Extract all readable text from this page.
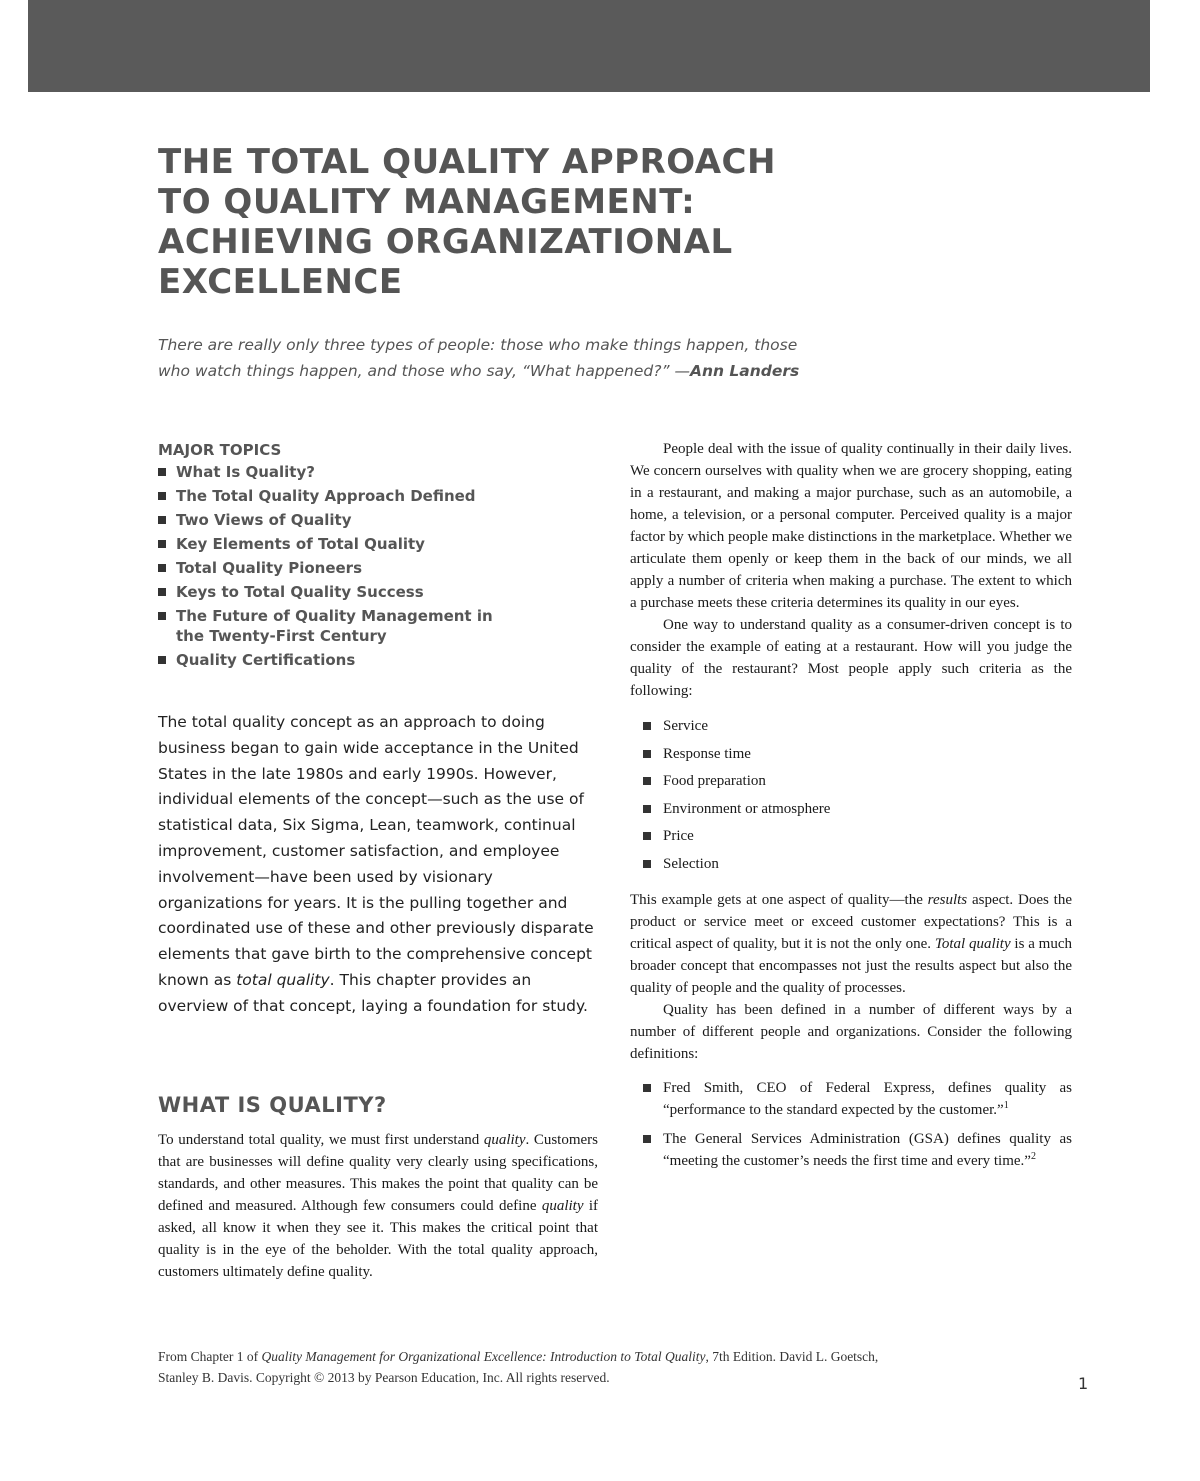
THE TOTAL QUALITY APPROACH
TO QUALITY MANAGEMENT:
ACHIEVING ORGANIZATIONAL
EXCELLENCE

There are really only three types of people: those who make things happen, those
who watch things happen, and those who say, “What happened?” —Ann Landers

MAJOR TOPICS
What Is Quality?
The Total Quality Approach Defined
Two Views of Quality
Key Elements of Total Quality
Total Quality Pioneers
Keys to Total Quality Success
The Future of Quality Management in the Twenty-First Century
Quality Certifications

The total quality concept as an approach to doing business began to gain wide acceptance in the United States in the late 1980s and early 1990s. However, individual elements of the concept—such as the use of statistical data, Six Sigma, Lean, teamwork, continual improvement, customer satisfaction, and employee involvement—have been used by visionary organizations for years. It is the pulling together and coordinated use of these and other previously disparate elements that gave birth to the comprehensive concept known as total quality. This chapter provides an overview of that concept, laying a foundation for study.

WHAT IS QUALITY?

To understand total quality, we must first understand quality. Customers that are businesses will define quality very clearly using specifications, standards, and other measures. This makes the point that quality can be defined and measured. Although few consumers could define quality if asked, all know it when they see it. This makes the critical point that quality is in the eye of the beholder. With the total quality approach, customers ultimately define quality.

People deal with the issue of quality continually in their daily lives. We concern ourselves with quality when we are grocery shopping, eating in a restaurant, and making a major purchase, such as an automobile, a home, a television, or a personal computer. Perceived quality is a major factor by which people make distinctions in the marketplace. Whether we articulate them openly or keep them in the back of our minds, we all apply a number of criteria when making a purchase. The extent to which a purchase meets these criteria determines its quality in our eyes.

One way to understand quality as a consumer-driven concept is to consider the example of eating at a restaurant. How will you judge the quality of the restaurant? Most people apply such criteria as the following:

Service
Response time
Food preparation
Environment or atmosphere
Price
Selection

This example gets at one aspect of quality—the results aspect. Does the product or service meet or exceed customer expectations? This is a critical aspect of quality, but it is not the only one. Total quality is a much broader concept that encompasses not just the results aspect but also the quality of people and the quality of processes.

Quality has been defined in a number of different ways by a number of different people and organizations. Consider the following definitions:

Fred Smith, CEO of Federal Express, defines quality as “performance to the standard expected by the customer.”$^1$
The General Services Administration (GSA) defines quality as “meeting the customer’s needs the first time and every time.”$^2$

From Chapter 1 of Quality Management for Organizational Excellence: Introduction to Total Quality, 7th Edition. David L. Goetsch,
Stanley B. Davis. Copyright © 2013 by Pearson Education, Inc. All rights reserved.	1
